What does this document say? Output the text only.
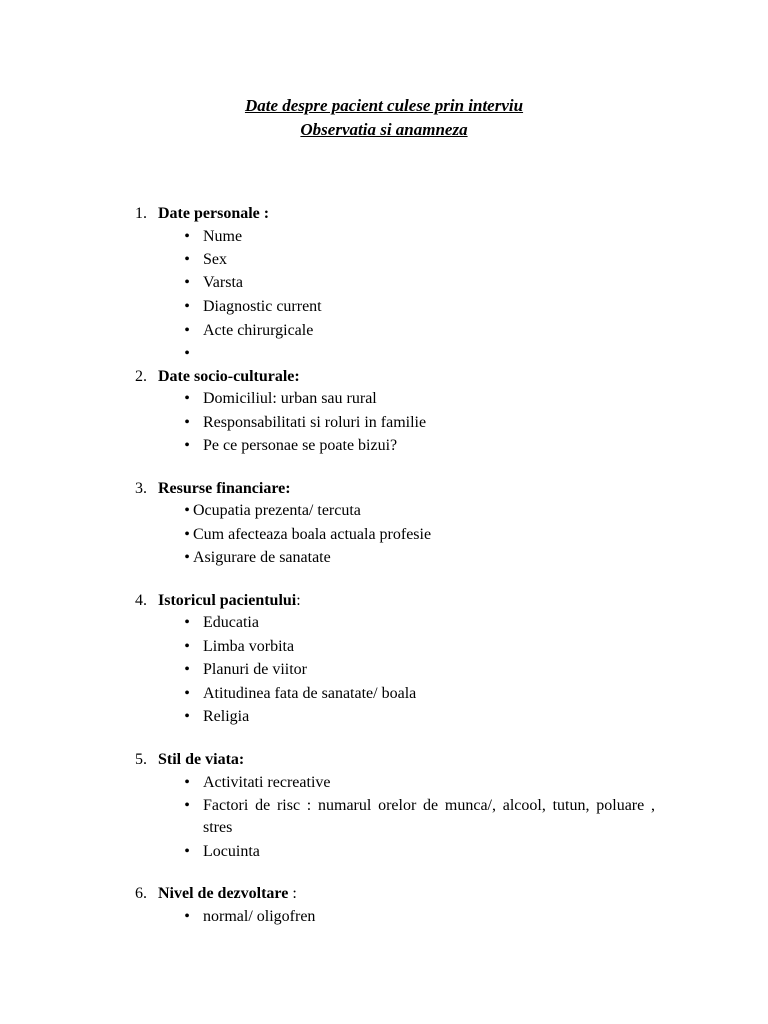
Date despre pacient culese prin interviu
Observatia si anamneza
1. Date personale :
• Nume
• Sex
• Varsta
• Diagnostic current
• Acte chirurgicale
•
2. Date socio-culturale:
• Domiciliul: urban sau rural
• Responsabilitati si roluri in familie
• Pe ce personae se poate bizui?
3. Resurse financiare:
• Ocupatia prezenta/ tercuta
• Cum afecteaza boala actuala profesie
• Asigurare de sanatate
4. Istoricul pacientului:
• Educatia
• Limba vorbita
• Planuri de viitor
• Atitudinea fata de sanatate/ boala
• Religia
5. Stil de viata:
• Activitati recreative
• Factori de risc : numarul orelor de munca/, alcool, tutun, poluare , stres
• Locuinta
6. Nivel de dezvoltare :
• normal/ oligofren
